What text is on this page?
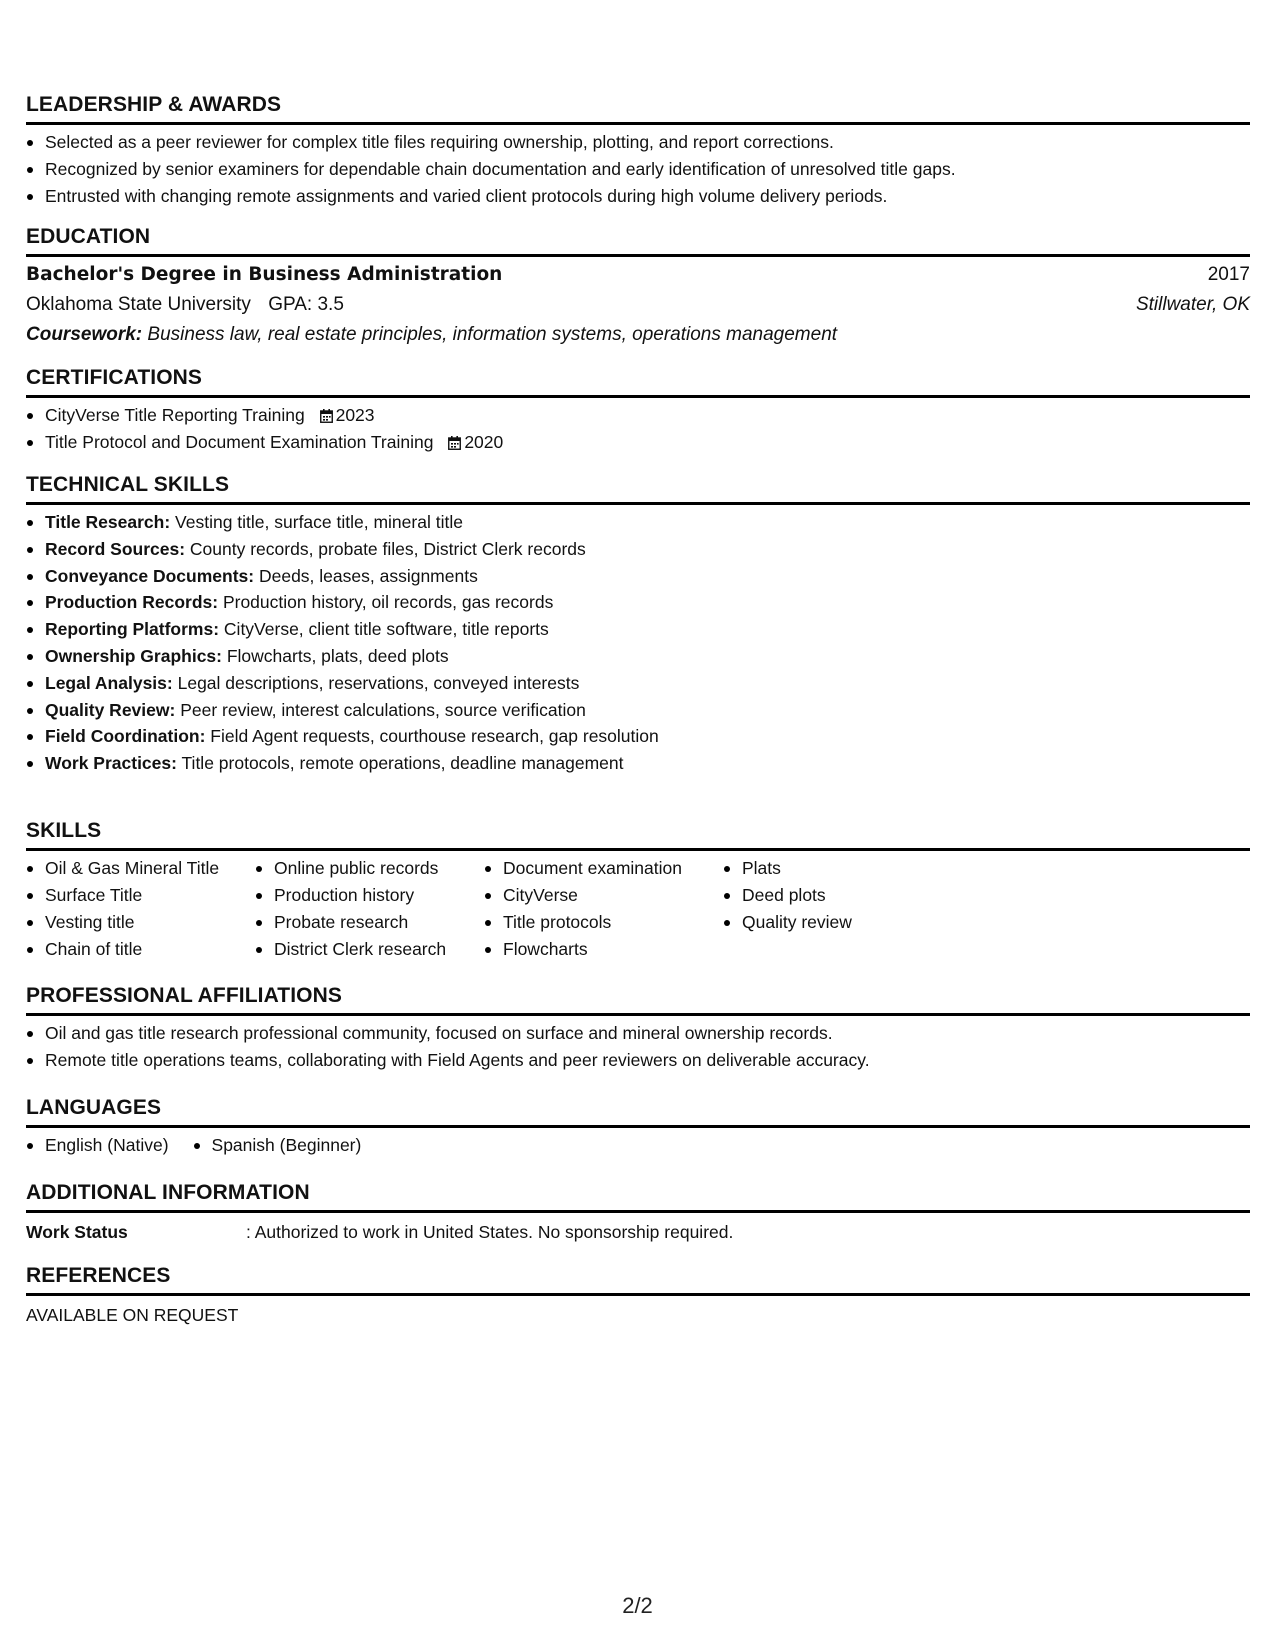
LEADERSHIP & AWARDS
Selected as a peer reviewer for complex title files requiring ownership, plotting, and report corrections.
Recognized by senior examiners for dependable chain documentation and early identification of unresolved title gaps.
Entrusted with changing remote assignments and varied client protocols during high volume delivery periods.
EDUCATION
Bachelor's Degree in Business Administration	2017
Oklahoma State University GPA: 3.5	Stillwater, OK
Coursework: Business law, real estate principles, information systems, operations management
CERTIFICATIONS
CityVerse Title Reporting Training 2023
Title Protocol and Document Examination Training 2020
TECHNICAL SKILLS
Title Research: Vesting title, surface title, mineral title
Record Sources: County records, probate files, District Clerk records
Conveyance Documents: Deeds, leases, assignments
Production Records: Production history, oil records, gas records
Reporting Platforms: CityVerse, client title software, title reports
Ownership Graphics: Flowcharts, plats, deed plots
Legal Analysis: Legal descriptions, reservations, conveyed interests
Quality Review: Peer review, interest calculations, source verification
Field Coordination: Field Agent requests, courthouse research, gap resolution
Work Practices: Title protocols, remote operations, deadline management
SKILLS
Oil & Gas Mineral Title
Surface Title
Vesting title
Chain of title
Online public records
Production history
Probate research
District Clerk research
Document examination
CityVerse
Title protocols
Flowcharts
Plats
Deed plots
Quality review
PROFESSIONAL AFFILIATIONS
Oil and gas title research professional community, focused on surface and mineral ownership records.
Remote title operations teams, collaborating with Field Agents and peer reviewers on deliverable accuracy.
LANGUAGES
English (Native)	Spanish (Beginner)
ADDITIONAL INFORMATION
Work Status	: Authorized to work in United States. No sponsorship required.
REFERENCES
AVAILABLE ON REQUEST
2/2
